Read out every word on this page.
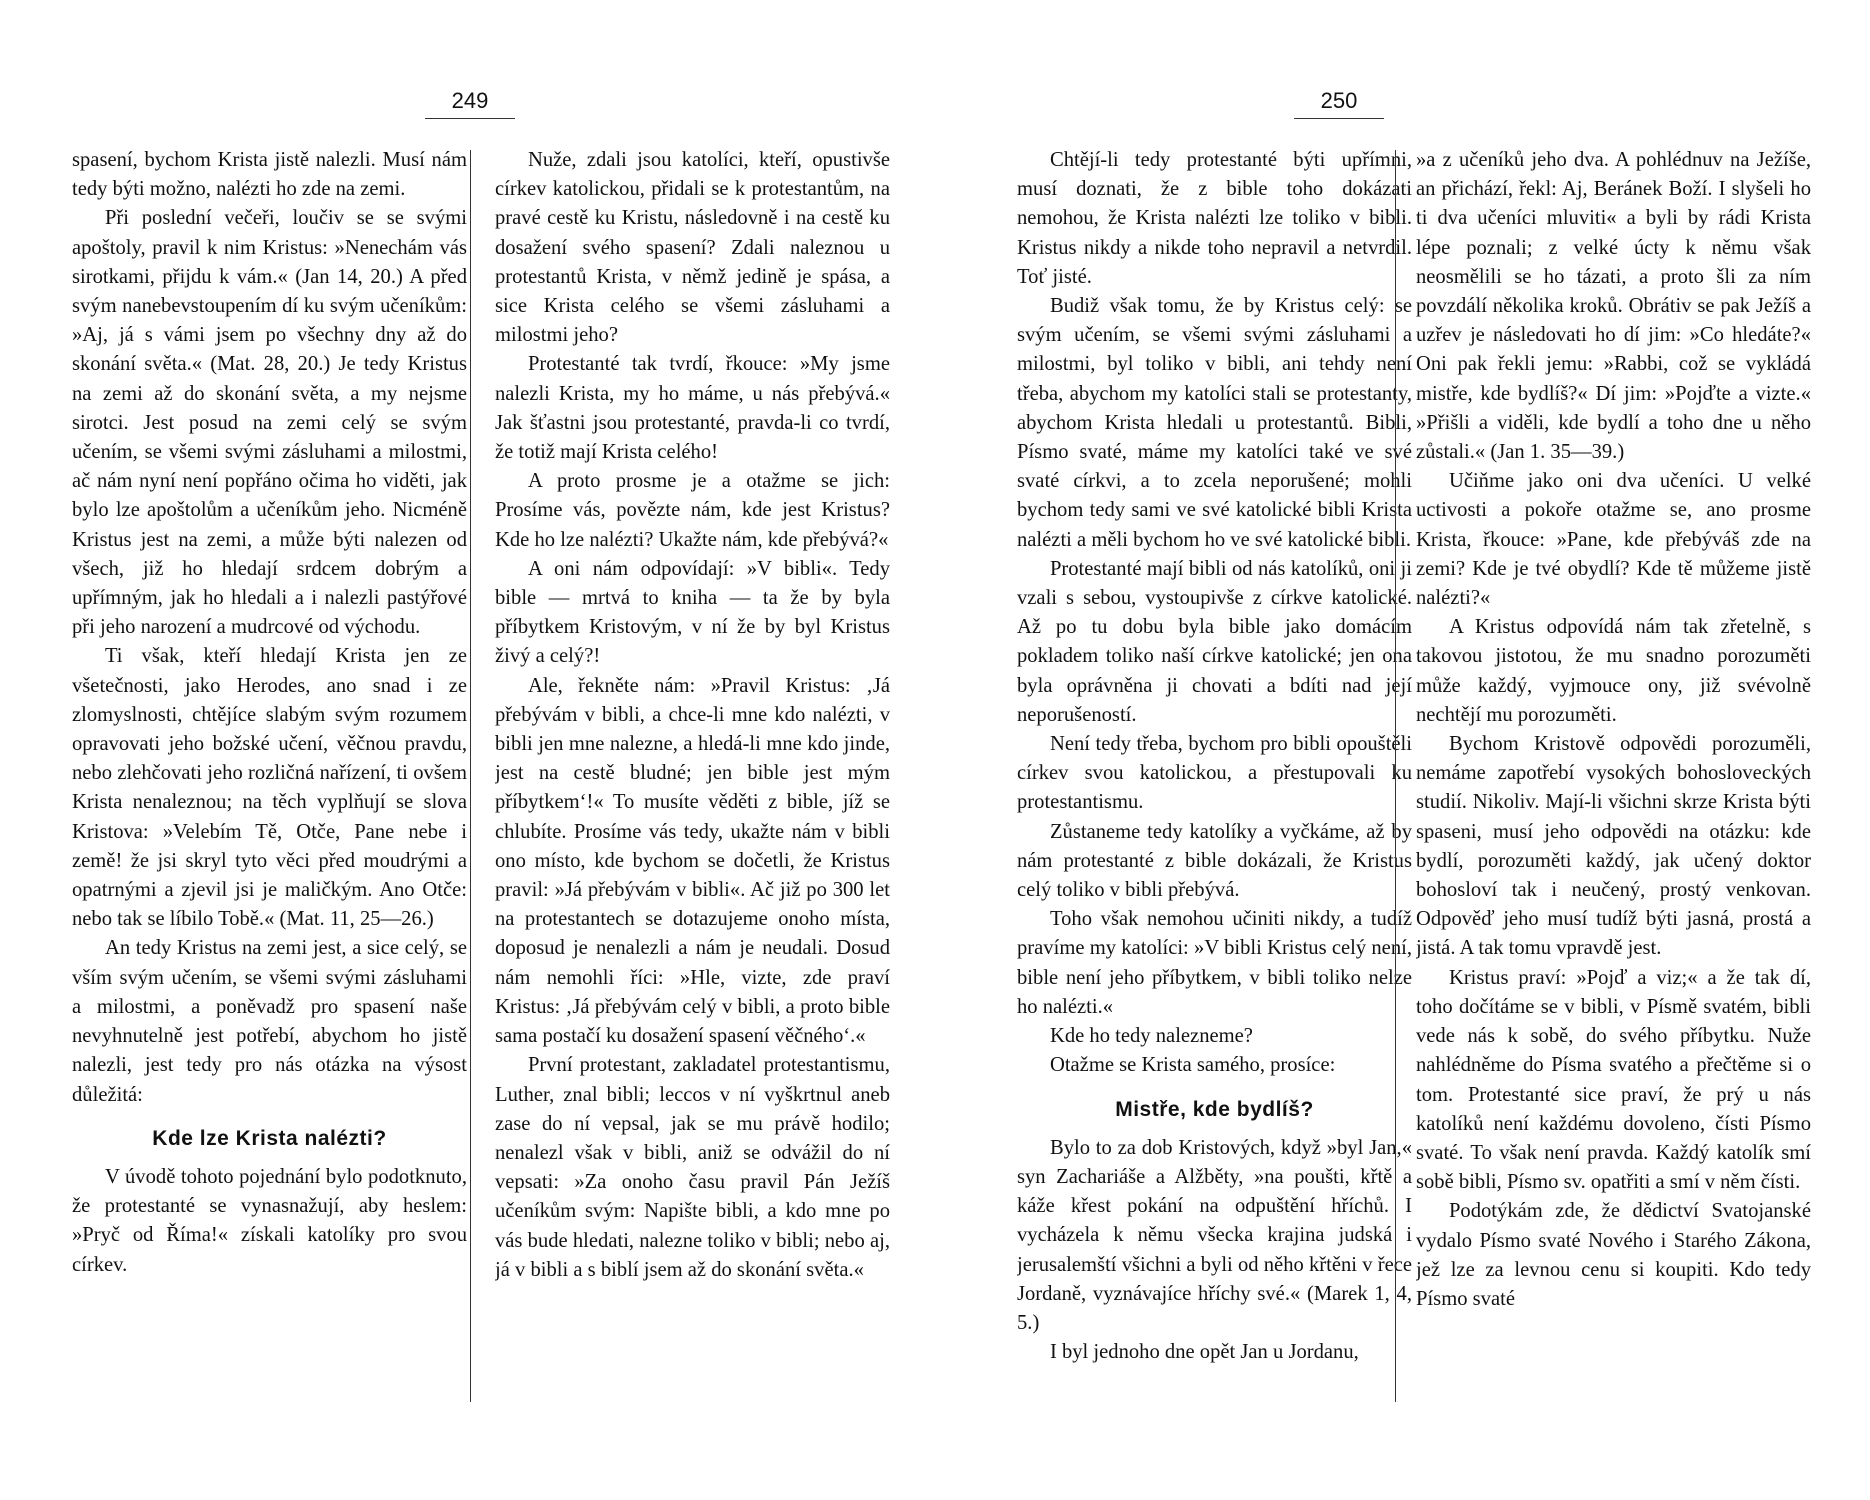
249

spasení, bychom Krista jistě nalezli. Musí nám tedy býti možno, nalézti ho zde na zemi.

Při poslední večeři, loučiv se se svými apoštoly, pravil k nim Kristus: »Nenechám vás sirotkami, přijdu k vám.« (Jan 14, 20.) A před svým nanebevstoupením dí ku svým učeníkům: »Aj, já s vámi jsem po všechny dny až do skonání světa.« (Mat. 28, 20.) Je tedy Kristus na zemi až do skonání světa, a my nejsme sirotci. Jest posud na zemi celý se svým učením, se všemi svými zásluhami a milostmi, ač nám nyní není popřáno očima ho viděti, jak bylo lze apoštolům a učeníkům jeho. Nicméně Kristus jest na zemi, a může býti nalezen od všech, již ho hledají srdcem dobrým a upřímným, jak ho hledali a i nalezli pastýřové při jeho narození a mudrcové od východu.

Ti však, kteří hledají Krista jen ze všetečnosti, jako Herodes, ano snad i ze zlomyslnosti, chtějíce slabým svým rozumem opravovati jeho božské učení, věčnou pravdu, nebo zlehčovati jeho rozličná nařízení, ti ovšem Krista nenaleznou; na těch vyplňují se slova Kristova: »Velebím Tě, Otče, Pane nebe i země! že jsi skryl tyto věci před moudrými a opatrnými a zjevil jsi je maličkým. Ano Otče: nebo tak se líbilo Tobě.« (Mat. 11, 25—26.)

An tedy Kristus na zemi jest, a sice celý, se vším svým učením, se všemi svými zásluhami a milostmi, a poněvadž pro spasení naše nevyhnutelně jest potřebí, abychom ho jistě nalezli, jest tedy pro nás otázka na výsost důležitá:

Kde lze Krista nalézti?

V úvodě tohoto pojednání bylo podotknuto, že protestanté se vynasnažují, aby heslem: »Pryč od Říma!« získali katolíky pro svou církev.

Nuže, zdali jsou katolíci, kteří, opustivše církev katolickou, přidali se k protestantům, na pravé cestě ku Kristu, následovně i na cestě ku dosažení svého spasení? Zdali naleznou u protestantů Krista, v němž jedině je spása, a sice Krista celého se všemi zásluhami a milostmi jeho?

Protestanté tak tvrdí, řkouce: »My jsme nalezli Krista, my ho máme, u nás přebývá.« Jak šťastni jsou protestanté, pravda-li co tvrdí, že totiž mají Krista celého!

A proto prosme je a otažme se jich: Prosíme vás, povězte nám, kde jest Kristus? Kde ho lze nalézti? Ukažte nám, kde přebývá?«

A oni nám odpovídají: »V bibli«. Tedy bible — mrtvá to kniha — ta že by byla příbytkem Kristovým, v ní že by byl Kristus živý a celý?!

Ale, řekněte nám: »Pravil Kristus: ‚Já přebývám v bibli, a chce-li mne kdo nalézti, v bibli jen mne nalezne, a hledá-li mne kdo jinde, jest na cestě bludné; jen bible jest mým příbytkem‘!« To musíte věděti z bible, jíž se chlubíte. Prosíme vás tedy, ukažte nám v bibli ono místo, kde bychom se dočetli, že Kristus pravil: »Já přebývám v bibli«. Ač již po 300 let na protestantech se dotazujeme onoho místa, doposud je nenalezli a nám je neudali. Dosud nám nemohli říci: »Hle, vizte, zde praví Kristus: ‚Já přebývám celý v bibli, a proto bible sama postačí ku dosažení spasení věčného‘.«

První protestant, zakladatel protestantismu, Luther, znal bibli; leccos v ní vyškrtnul aneb zase do ní vepsal, jak se mu právě hodilo; nenalezl však v bibli, aniž se odvážil do ní vepsati: »Za onoho času pravil Pán Ježíš učeníkům svým: Napište bibli, a kdo mne po vás bude hledati, nalezne toliko v bibli; nebo aj, já v bibli a s biblí jsem až do skonání světa.«

250

Chtějí-li tedy protestanté býti upřímni, musí doznati, že z bible toho dokázati nemohou, že Krista nalézti lze toliko v bibli. Kristus nikdy a nikde toho nepravil a netvrdil. Toť jisté.

Budiž však tomu, že by Kristus celý: se svým učením, se všemi svými zásluhami a milostmi, byl toliko v bibli, ani tehdy není třeba, abychom my katolíci stali se protestanty, abychom Krista hledali u protestantů. Bibli, Písmo svaté, máme my katolíci také ve své svaté církvi, a to zcela neporušené; mohli bychom tedy sami ve své katolické bibli Krista nalézti a měli bychom ho ve své katolické bibli.

Protestanté mají bibli od nás katolíků, oni ji vzali s sebou, vystoupivše z církve katolické. Až po tu dobu byla bible jako domácím pokladem toliko naší církve katolické; jen ona byla oprávněna ji chovati a bdíti nad její neporušeností.

Není tedy třeba, bychom pro bibli opouštěli církev svou katolickou, a přestupovali ku protestantismu.

Zůstaneme tedy katolíky a vyčkáme, až by nám protestanté z bible dokázali, že Kristus celý toliko v bibli přebývá.

Toho však nemohou učiniti nikdy, a tudíž pravíme my katolíci: »V bibli Kristus celý není, bible není jeho příbytkem, v bibli toliko nelze ho nalézti.«

Kde ho tedy nalezneme?

Otažme se Krista samého, prosíce:

Mistře, kde bydlíš?

Bylo to za dob Kristových, když »byl Jan,« syn Zachariáše a Alžběty, »na poušti, křtě a káže křest pokání na odpuštění hříchů. I vycházela k němu všecka krajina judská i jerusalemští všichni a byli od něho křtěni v řece Jordaně, vyznávajíce hříchy své.« (Marek 1, 4, 5.)

I byl jednoho dne opět Jan u Jordanu,

»a z učeníků jeho dva. A pohlédnuv na Ježíše, an přichází, řekl: Aj, Beránek Boží. I slyšeli ho ti dva učeníci mluviti« a byli by rádi Krista lépe poznali; z velké úcty k němu však neosmělili se ho tázati, a proto šli za ním povzdálí několika kroků. Obrátiv se pak Ježíš a uzřev je následovati ho dí jim: »Co hledáte?« Oni pak řekli jemu: »Rabbi, což se vykládá mistře, kde bydlíš?« Dí jim: »Pojďte a vizte.« »Přišli a viděli, kde bydlí a toho dne u něho zůstali.« (Jan 1. 35—39.)

Učiňme jako oni dva učeníci. U velké uctivosti a pokoře otažme se, ano prosme Krista, řkouce: »Pane, kde přebýváš zde na zemi? Kde je tvé obydlí? Kde tě můžeme jistě nalézti?«

A Kristus odpovídá nám tak zřetelně, s takovou jistotou, že mu snadno porozuměti může každý, vyjmouce ony, již svévolně nechtějí mu porozuměti.

Bychom Kristově odpovědi porozuměli, nemáme zapotřebí vysokých bohosloveckých studií. Nikoliv. Mají-li všichni skrze Krista býti spaseni, musí jeho odpovědi na otázku: kde bydlí, porozuměti každý, jak učený doktor bohosloví tak i neučený, prostý venkovan. Odpověď jeho musí tudíž býti jasná, prostá a jistá. A tak tomu vpravdě jest.

Kristus praví: »Pojď a viz;« a že tak dí, toho dočítáme se v bibli, v Písmě svatém, bibli vede nás k sobě, do svého příbytku. Nuže nahlédněme do Písma svatého a přečtěme si o tom. Protestanté sice praví, že prý u nás katolíků není každému dovoleno, čísti Písmo svaté. To však není pravda. Každý katolík smí sobě bibli, Písmo sv. opatřiti a smí v něm čísti.

Podotýkám zde, že dědictví Svatojanské vydalo Písmo svaté Nového i Starého Zákona, jež lze za levnou cenu si koupiti. Kdo tedy Písmo svaté
